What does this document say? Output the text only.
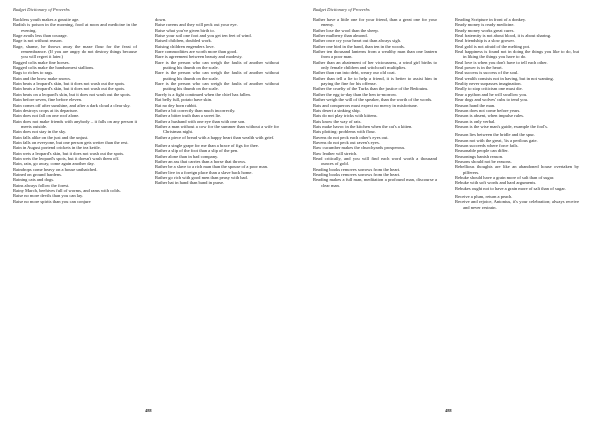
Budget Dictionary of Proverbs

Rackless youth makes a goustie age.

Radish is poison in the morning, food at noon and medicine in the evening.

Rage avails less than courage.

Rage is not without reason.

Rage, shame, he throws away the maze flour for the feast of remembrance. (If you are angry do not destroy things because you will regret it later.)

Ragged colts make fine horses.

Ragged colts make the handsomest stallions.

Rags to riches to rags.

Rain and the brow make snows.

Rain beats a leopard's skin, but it does not wash out the spots.

Rain beats a leopard's skin, but it does not wash out the spots.

Rain beats on a leopard's skin, but it does not wash out the spots.

Rain before seven, fine before eleven.

Rain comes off after sunshine, and after a dark cloud a clear sky.

Rain destroys crops at its departure.

Rain does not fall on one roof alone.

Rain does not make friends with anybody – it falls on any person it meets outside.

Rain does not stay in the sky.

Rain falls alike on the just and the unjust.

Rain falls on everyone, but one person gets wetter than the rest.

Rain in August portend crickets in the tea kettle.

Rain wets a leopard's skin, but it does not wash out the spots.

Rain wets the leopard's spots, but it doesn't wash them off.

Rain, rain, go away, come again another day.

Raindrops come heavy on a house unthatched.

Rained on ground hardens.

Raining cats and dogs.

Rains always follow the forest.

Rainy March, beehives full of worms, and rams with colds.

Raise no more devils than you can lay.

Raise no more spirits than you can conjure

down.

Raise ravens and they will peck out your eye.

Raise what you've given birth to.

Raise your soil one foot and you get ten feet of wind.

Raised children, doubled work.

Raising children engenders love.

Rare commodities are worth more than good.

Rare is agreement between beauty and modesty.

Rare is the person who can weigh the faults of another without putting his thumb on the scale.

Rare is the person who can weigh the faults of another without putting his thumb on the scale.

Rare is the person who can weigh the faults of another without putting his thumb on the scale.

Rarely is a fight continued when the chief has fallen.

Rat belly full, potato have skin.

Rat no dey born rabbit.

Rather a bit correctly than much incorrectly.

Rather a bitter truth than a sweet lie.

Rather a husband with one eye than with one son.

Rather a man without a cow for the summer than without a wife for Christmas night.

Rather a piece of bread with a happy heart than wealth with grief.

Rather a single grape for me than a brace of figs for thee.

Rather a slip of the foot than a slip of the pen.

Rather alone than in bad company.

Rather an ass that carries than a horse that throws.

Rather be a slave to a rich man than the spouse of a poor man.

Rather live in a foreign place than a slave back home.

Rather go rich with good men than peasy with bad.

Rather hat in hand than band in purse.

488
Budget Dictionary of Proverbs

Rather have a little one for your friend, than a great one for your enemy.

Rather lose the wool than the sheep.

Rather mulberry than almond.

Rather once cry your heart out than always sigh.

Rather one bird in the hand, than ten in the woods.

Rather ten thousand lanterns from a wealthy man than one lantern from a poor man.

Rather than an abatement of her viciousness, a wind girl births to only female children and witchcraft multiplies.

Rather than run into debt, weary our old coat.

Rather than tell a lie to help a friend, it is better to assist him in paying the fine for his offense.

Rather the cruelty of the Turks than the justice of the Bedouins.

Rather the egg to-day than the hen to-morrow.

Rather weigh the will of the speaker, than the worth of the words.

Rats and conquerors must expect no mercy in misfortune.

Rats desert a sinking ship.

Rats do not play tricks with kittens.

Rats know the way of rats.

Rats make havoc in the kitchen when the cat's a kitten.

Rats plotting: problems with flour.

Ravens do not peck each other's eyes out.

Ravens do not peck out raven's eyes.

Raw cucumber makes the churchyards prosperous.

Raw leather will stretch.

Read critically, and you will find each word worth a thousand ounces of gold.

Reading books removes sorrows from the heart.

Reading books removes sorrows from the heart.

Reading makes a full man, meditation a profound man, discourse a clear man.

Reading Scripture in front of a donkey.

Ready money is ready medicine.

Ready money works great cures.

Real fraternity is not about blood, it is about sharing.

Real friendship is a slow grower.

Real gold is not afraid of the melting pot.

Real happiness is found not in doing the things you like to do, but in liking the things you have to do.

Real love is when you don't have to tell each other.

Real power is in the heart.

Real success is success of the soul.

Real wealth consists not in having, but in not wanting.

Reality never surpasses imagination.

Really to stop criticism one must die.

Rear a python and he will swallow you.

Rear dogs and wolves' cubs to tend you.

Reason hand the man.

Reason does not come before years.

Reason is absent, when impulse rules.

Reason is only verbal.

Reason is the wise man's guide, example the fool's.

Reason lies between the bridle and the spur.

Reason not with the great, 'tis a perilous gate.

Reason succeeds where force fails.

Reasonable people can differ.

Reasonings banish reason.

Reasons should not be reasons.

Rebellious thoughts are like an abandoned house overtaken by pilferers.

Rebuke should have a grain more of salt than of sugar.

Rebuke with soft words and hard arguments.

Rebukes ought not to have a grain more of salt than of sugar.

Receive a plum, return a peach.

Receive and rejoice, Antonius, it's your celebration; always receive and never restrain.

488
